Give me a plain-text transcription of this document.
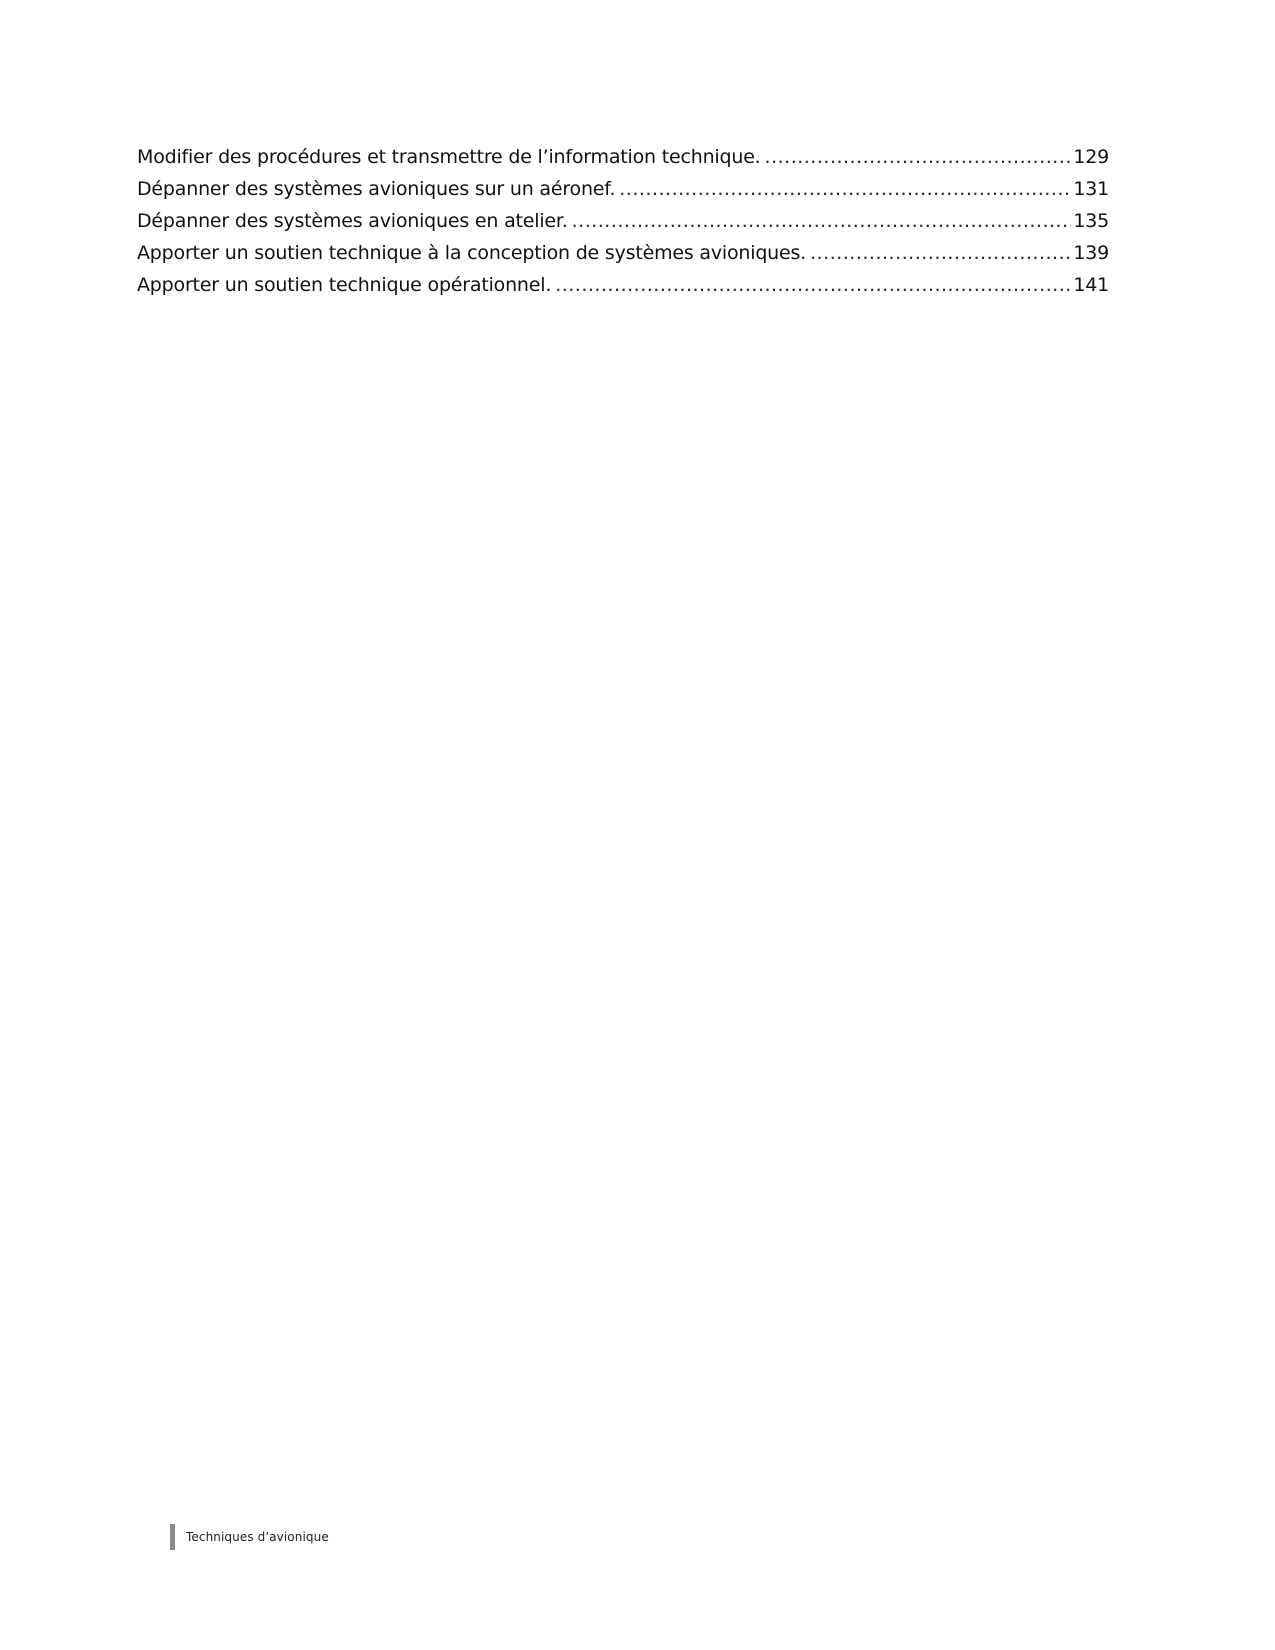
Modifier des procédures et transmettre de l’information technique. .....	129
Dépanner des systèmes avioniques sur un aéronef. .....	131
Dépanner des systèmes avioniques en atelier. .....	135
Apporter un soutien technique à la conception de systèmes avioniques. .....	139
Apporter un soutien technique opérationnel. .....	141
Techniques d’avionique
